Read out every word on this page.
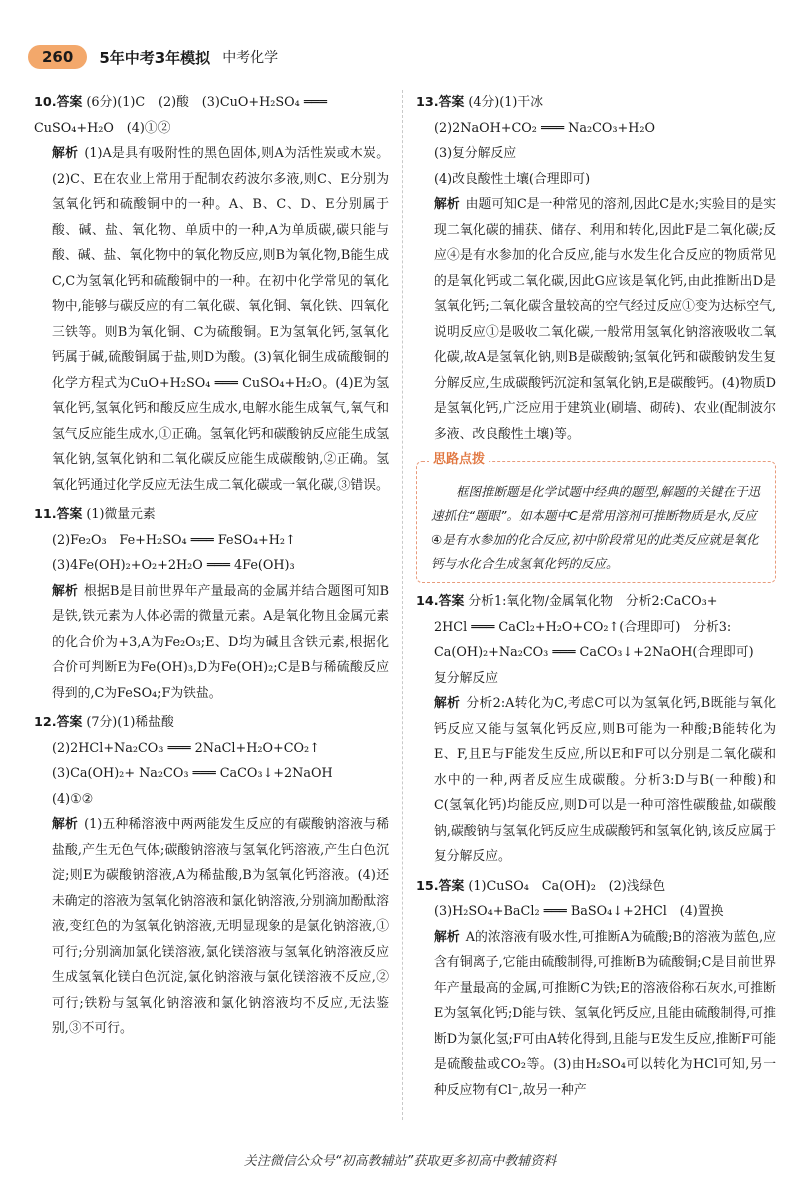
260	5年中考3年模拟 中考化学
10.答案 (6分)(1)C　(2)酸　(3)CuO+H₂SO₄ ═══
CuSO₄+H₂O　(4)①②
解析 (1)A是具有吸附性的黑色固体,则A为活性炭或木炭。(2)C、E在农业上常用于配制农药波尔多液,则C、E分别为氢氧化钙和硫酸铜中的一种。A、B、C、D、E分别属于酸、碱、盐、氧化物、单质中的一种,A为单质碳,碳只能与酸、碱、盐、氧化物中的氧化物反应,则B为氧化物,B能生成C,C为氢氧化钙和硫酸铜中的一种。在初中化学常见的氧化物中,能够与碳反应的有二氧化碳、氧化铜、氧化铁、四氧化三铁等。则B为氧化铜、C为硫酸铜。E为氢氧化钙,氢氧化钙属于碱,硫酸铜属于盐,则D为酸。(3)氧化铜生成硫酸铜的化学方程式为CuO+H₂SO₄ ═══ CuSO₄+H₂O。(4)E为氢氧化钙,氢氧化钙和酸反应生成水,电解水能生成氧气,氧气和氢气反应能生成水,①正确。氢氧化钙和碳酸钠反应能生成氢氧化钠,氢氧化钠和二氧化碳反应能生成碳酸钠,②正确。氢氧化钙通过化学反应无法生成二氧化碳或一氧化碳,③错误。
11.答案 (1)微量元素
(2)Fe₂O₃　Fe+H₂SO₄ ═══ FeSO₄+H₂↑
(3)4Fe(OH)₂+O₂+2H₂O ═══ 4Fe(OH)₃
解析 根据B是目前世界年产量最高的金属并结合题图可知B是铁,铁元素为人体必需的微量元素。A是氧化物且金属元素的化合价为+3,A为Fe₂O₃;E、D均为碱且含铁元素,根据化合价可判断E为Fe(OH)₃,D为Fe(OH)₂;C是B与稀硫酸反应得到的,C为FeSO₄;F为铁盐。
12.答案 (7分)(1)稀盐酸
(2)2HCl+Na₂CO₃ ═══ 2NaCl+H₂O+CO₂↑
(3)Ca(OH)₂+ Na₂CO₃ ═══ CaCO₃↓+2NaOH
(4)①②
解析 (1)五种稀溶液中两两能发生反应的有碳酸钠溶液与稀盐酸,产生无色气体;碳酸钠溶液与氢氧化钙溶液,产生白色沉淀;则E为碳酸钠溶液,A为稀盐酸,B为氢氧化钙溶液。(4)还未确定的溶液为氢氧化钠溶液和氯化钠溶液,分别滴加酚酞溶液,变红色的为氢氧化钠溶液,无明显现象的是氯化钠溶液,①可行;分别滴加氯化镁溶液,氯化镁溶液与氢氧化钠溶液反应生成氢氧化镁白色沉淀,氯化钠溶液与氯化镁溶液不反应,②可行;铁粉与氢氧化钠溶液和氯化钠溶液均不反应,无法鉴别,③不可行。
13.答案 (4分)(1)干冰
(2)2NaOH+CO₂ ═══ Na₂CO₃+H₂O
(3)复分解反应
(4)改良酸性土壤(合理即可)
解析 由题可知C是一种常见的溶剂,因此C是水;实验目的是实现二氧化碳的捕获、储存、利用和转化,因此F是二氧化碳;反应④是有水参加的化合反应,能与水发生化合反应的物质常见的是氧化钙或二氧化碳,因此G应该是氧化钙,由此推断出D是氢氧化钙;二氧化碳含量较高的空气经过反应①变为达标空气,说明反应①是吸收二氧化碳,一般常用氢氧化钠溶液吸收二氧化碳,故A是氢氧化钠,则B是碳酸钠;氢氧化钙和碳酸钠发生复分解反应,生成碳酸钙沉淀和氢氧化钠,E是碳酸钙。(4)物质D是氢氧化钙,广泛应用于建筑业(刷墙、砌砖)、农业(配制波尔多液、改良酸性土壤)等。
思路点拨
框图推断题是化学试题中经典的题型,解题的关键在于迅速抓住“题眼”。如本题中C是常用溶剂可推断物质是水,反应④是有水参加的化合反应,初中阶段常见的此类反应就是氧化钙与水化合生成氢氧化钙的反应。
14.答案 分析1:氧化物/金属氧化物　分析2:CaCO₃+
2HCl ═══ CaCl₂+H₂O+CO₂↑(合理即可)　分析3:
Ca(OH)₂+Na₂CO₃ ═══ CaCO₃↓+2NaOH(合理即可)
复分解反应
解析 分析2:A转化为C,考虑C可以为氢氧化钙,B既能与氧化钙反应又能与氢氧化钙反应,则B可能为一种酸;B能转化为E、F,且E与F能发生反应,所以E和F可以分别是二氧化碳和水中的一种,两者反应生成碳酸。分析3:D与B(一种酸)和C(氢氧化钙)均能反应,则D可以是一种可溶性碳酸盐,如碳酸钠,碳酸钠与氢氧化钙反应生成碳酸钙和氢氧化钠,该反应属于复分解反应。
15.答案 (1)CuSO₄　Ca(OH)₂　(2)浅绿色
(3)H₂SO₄+BaCl₂ ═══ BaSO₄↓+2HCl　(4)置换
解析 A的浓溶液有吸水性,可推断A为硫酸;B的溶液为蓝色,应含有铜离子,它能由硫酸制得,可推断B为硫酸铜;C是目前世界年产量最高的金属,可推断C为铁;E的溶液俗称石灰水,可推断E为氢氧化钙;D能与铁、氢氧化钙反应,且能由硫酸制得,可推断D为氯化氢;F可由A转化得到,且能与E发生反应,推断F可能是硫酸盐或CO₂等。(3)由H₂SO₄可以转化为HCl可知,另一种反应物有Cl⁻,故另一种产
关注微信公众号“初高教辅站”获取更多初高中教辅资料
